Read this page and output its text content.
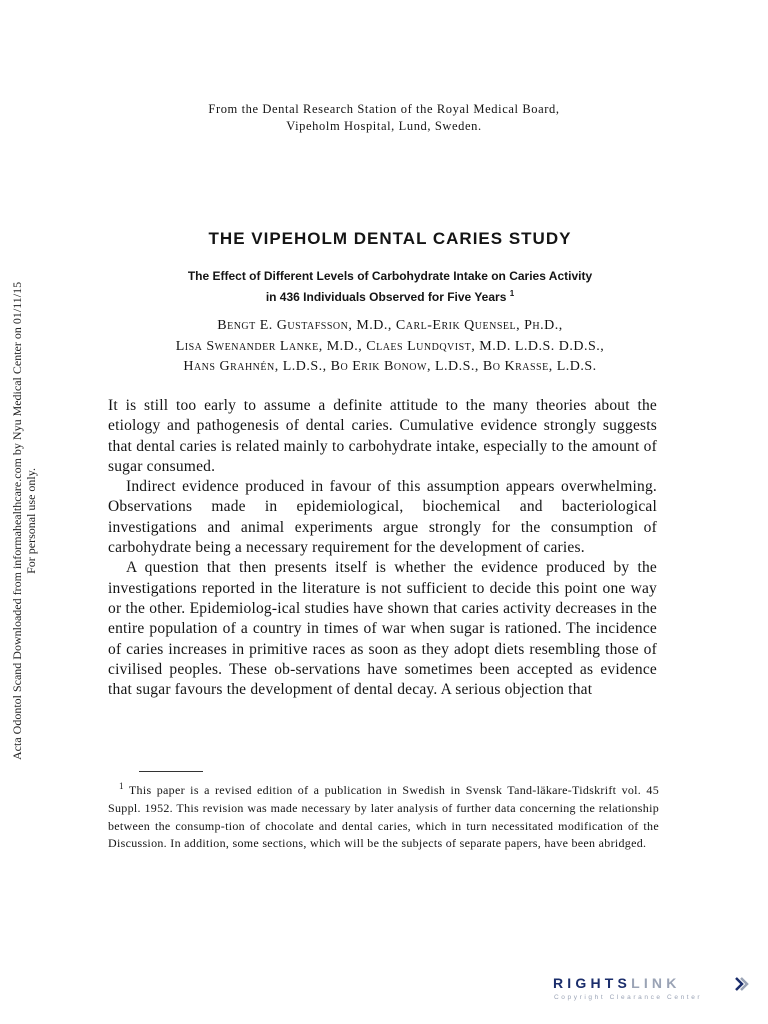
Acta Odontol Scand Downloaded from informahealthcare.com by Nyu Medical Center on 01/11/15 For personal use only.
From the Dental Research Station of the Royal Medical Board,
Vipeholm Hospital, Lund, Sweden.
THE VIPEHOLM DENTAL CARIES STUDY
The Effect of Different Levels of Carbohydrate Intake on Caries Activity
in 436 Individuals Observed for Five Years $^1$
Bengt E. Gustafsson, M.D., Carl-Erik Quensel, Ph.D.,
Lisa Swenander Lanke, M.D., Claes Lundqvist, M.D. L.D.S. D.D.S.,
Hans Grahnén, L.D.S., Bo Erik Bonow, L.D.S., Bo Krasse, L.D.S.

It is still too early to assume a definite attitude to the many theories about the etiology and pathogenesis of dental caries. Cumulative evidence strongly suggests that dental caries is related mainly to carbohydrate intake, especially to the amount of sugar consumed.

Indirect evidence produced in favour of this assumption appears overwhelming. Observations made in epidemiological, biochemical and bacteriological investigations and animal experiments argue strongly for the consumption of carbohydrate being a necessary requirement for the development of caries.

A question that then presents itself is whether the evidence produced by the investigations reported in the literature is not sufficient to decide this point one way or the other. Epidemiolog-ical studies have shown that caries activity decreases in the entire population of a country in times of war when sugar is rationed. The incidence of caries increases in primitive races as soon as they adopt diets resembling those of civilised peoples. These ob-servations have sometimes been accepted as evidence that sugar favours the development of dental decay. A serious objection that

$^1$ This paper is a revised edition of a publication in Swedish in Svensk Tand-läkare-Tidskrift vol. 45 Suppl. 1952. This revision was made necessary by later analysis of further data concerning the relationship between the consump-tion of chocolate and dental caries, which in turn necessitated modification of the Discussion. In addition, some sections, which will be the subjects of separate papers, have been abridged.
RIGHTSLINK
Copyright Clearance Center
